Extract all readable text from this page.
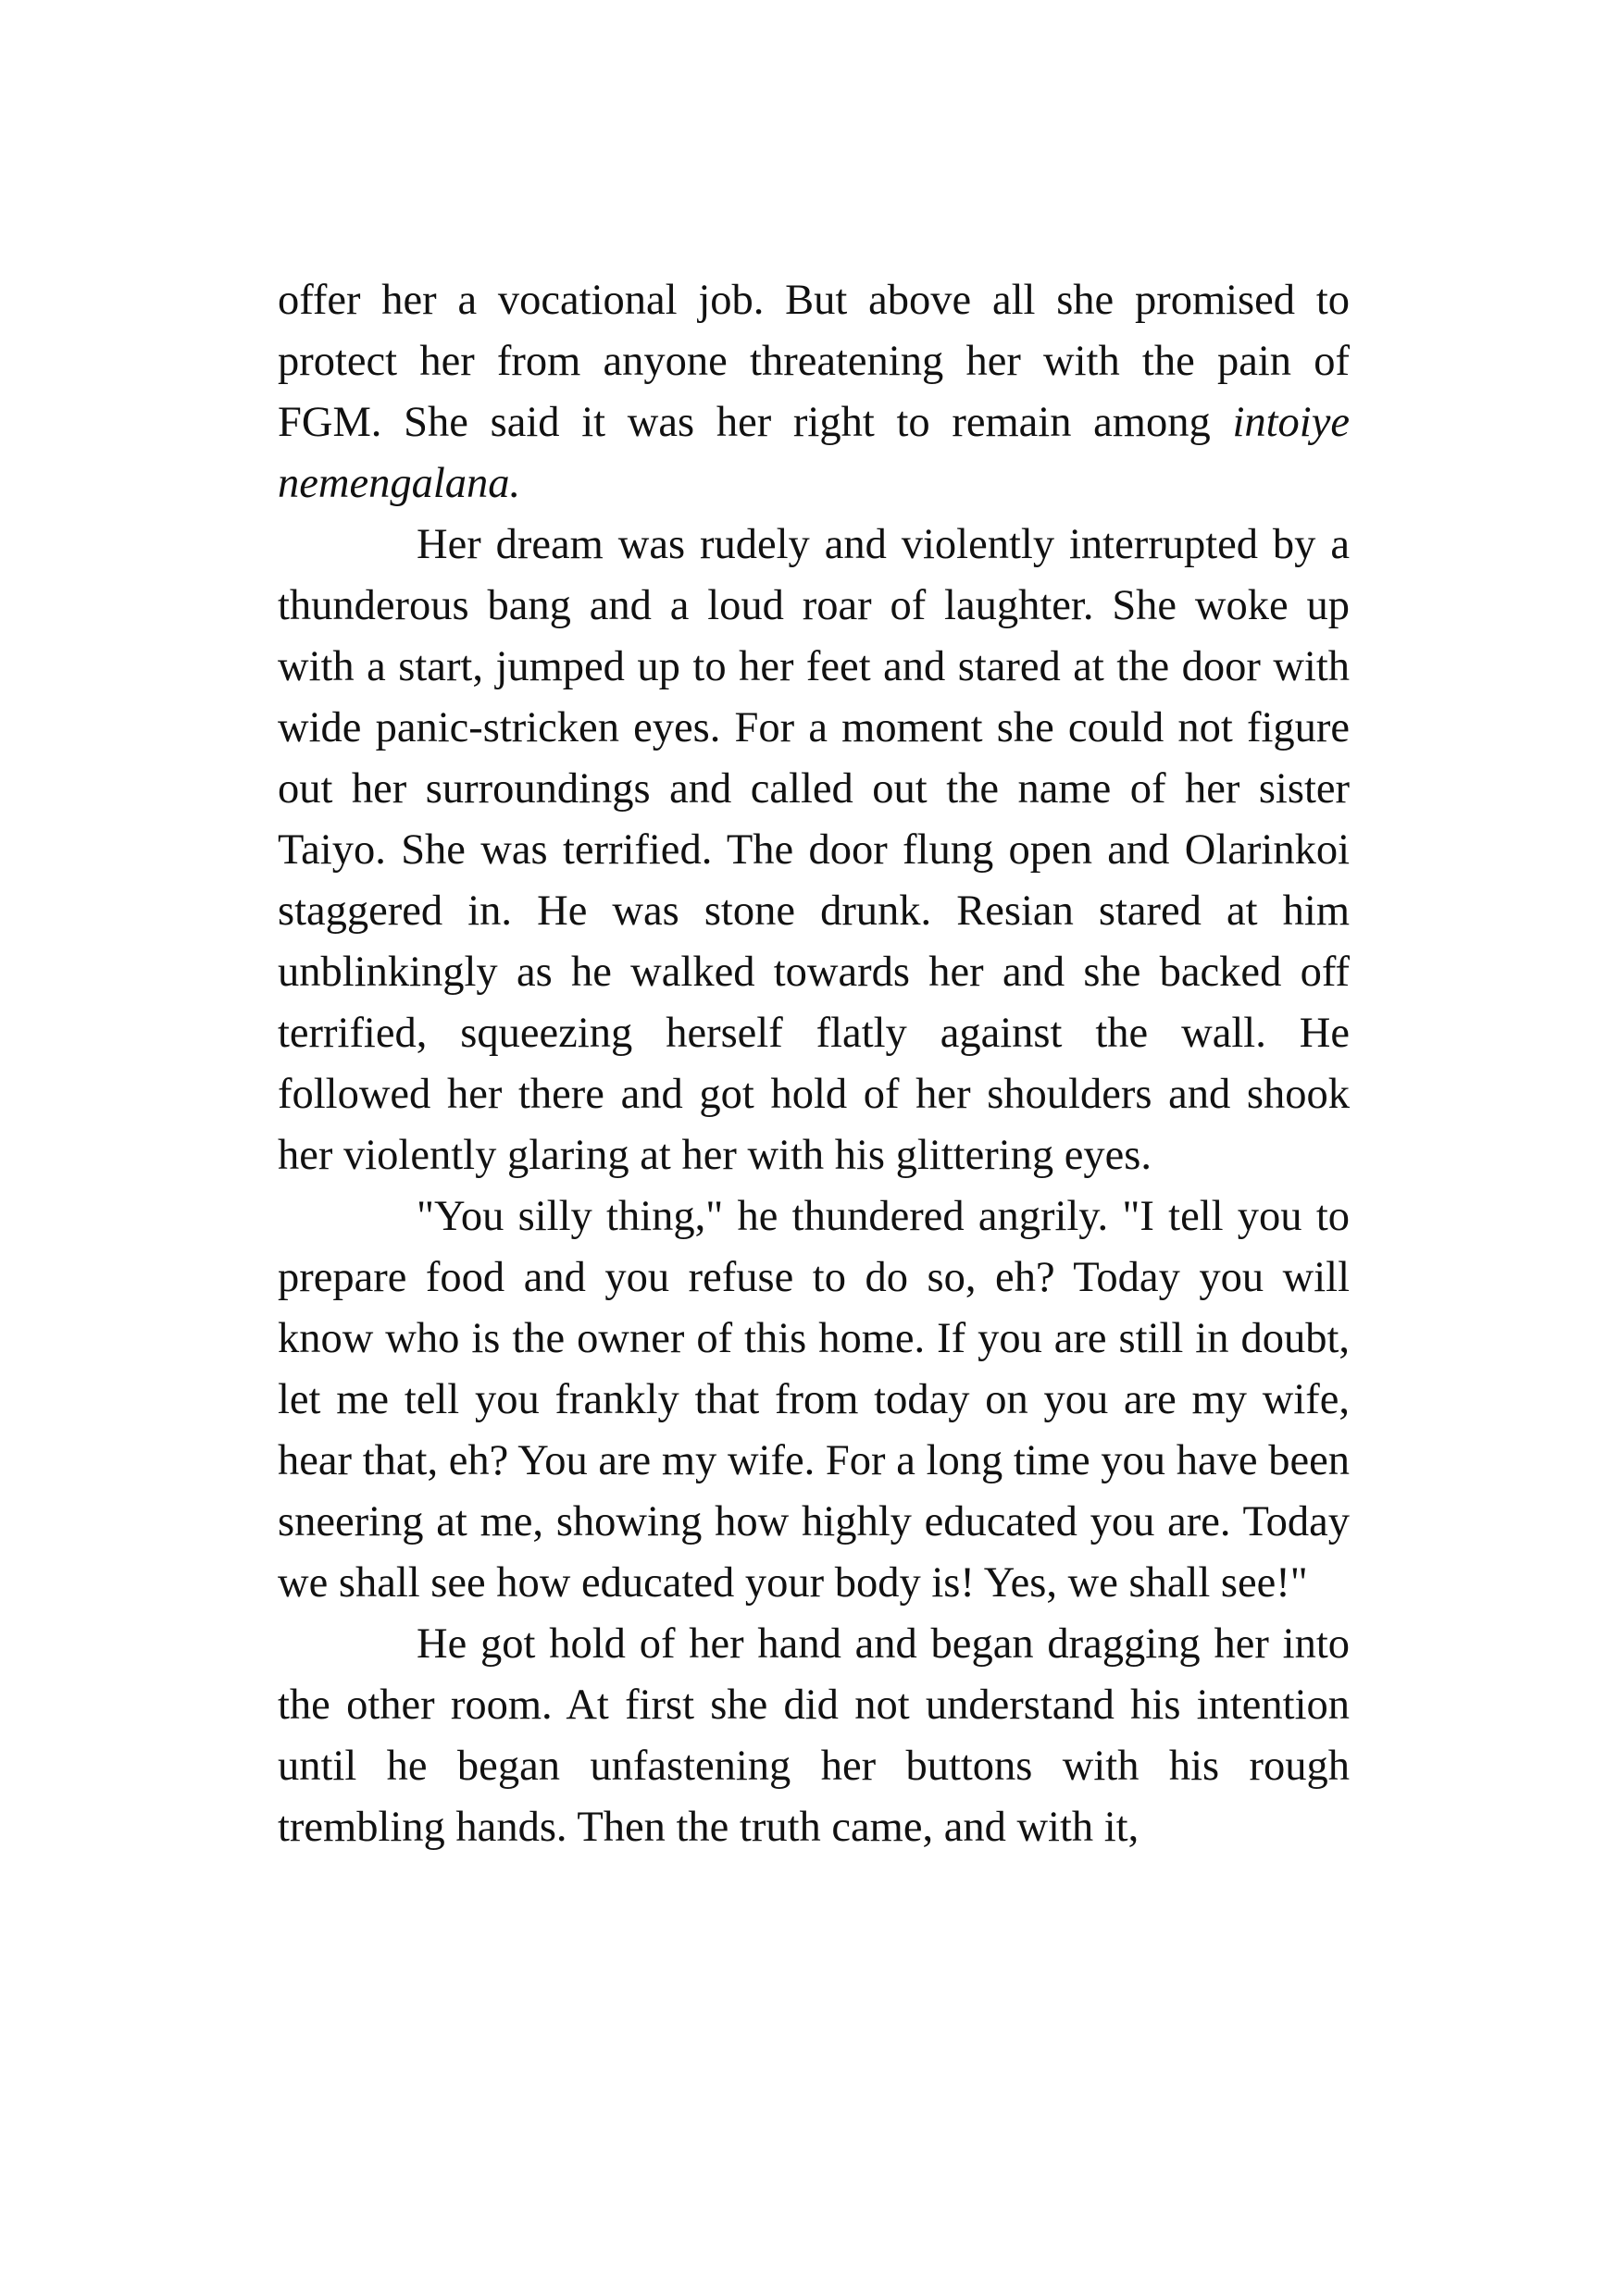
offer her a vocational job. But above all she promised to protect her from anyone threatening her with the pain of FGM. She said it was her right to remain among intoiye nemengalana.

Her dream was rudely and violently interrupted by a thunderous bang and a loud roar of laughter. She woke up with a start, jumped up to her feet and stared at the door with wide panic-stricken eyes. For a moment she could not figure out her surroundings and called out the name of her sister Taiyo. She was terrified. The door flung open and Olarinkoi staggered in. He was stone drunk. Resian stared at him unblinkingly as he walked towards her and she backed off terrified, squeezing herself flatly against the wall. He followed her there and got hold of her shoulders and shook her violently glaring at her with his glittering eyes.

"You silly thing," he thundered angrily. "I tell you to prepare food and you refuse to do so, eh? Today you will know who is the owner of this home. If you are still in doubt, let me tell you frankly that from today on you are my wife, hear that, eh? You are my wife. For a long time you have been sneering at me, showing how highly educated you are. Today we shall see how educated your body is! Yes, we shall see!"

He got hold of her hand and began dragging her into the other room. At first she did not understand his intention until he began unfastening her buttons with his rough trembling hands. Then the truth came, and with it,
